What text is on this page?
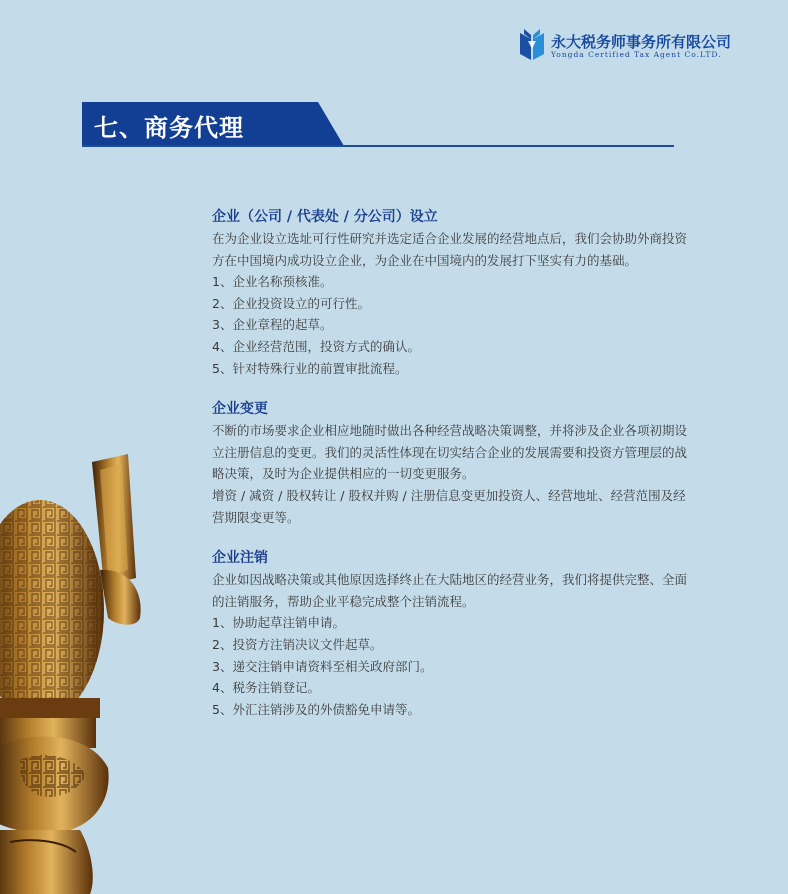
永大税务师事务所有限公司
Yongda Certified Tax Agent Co.LTD.
七、商务代理
企业（公司 / 代表处 / 分公司）设立
在为企业设立选址可行性研究并选定适合企业发展的经营地点后，我们会协助外商投资方在中国境内成功设立企业，为企业在中国境内的发展打下坚实有力的基础。
1、企业名称预核准。
2、企业投资设立的可行性。
3、企业章程的起草。
4、企业经营范围，投资方式的确认。
5、针对特殊行业的前置审批流程。
企业变更
不断的市场要求企业相应地随时做出各种经营战略决策调整，并将涉及企业各项初期设立注册信息的变更。我们的灵活性体现在切实结合企业的发展需要和投资方管理层的战略决策，及时为企业提供相应的一切变更服务。
增资 / 减资 / 股权转让 / 股权并购 / 注册信息变更加投资人、经营地址、经营范围及经营期限变更等。
企业注销
企业如因战略决策或其他原因选择终止在大陆地区的经营业务，我们将提供完整、全面的注销服务，帮助企业平稳完成整个注销流程。
1、协助起草注销申请。
2、投资方注销决议文件起草。
3、递交注销申请资料至相关政府部门。
4、税务注销登记。
5、外汇注销涉及的外债豁免申请等。
